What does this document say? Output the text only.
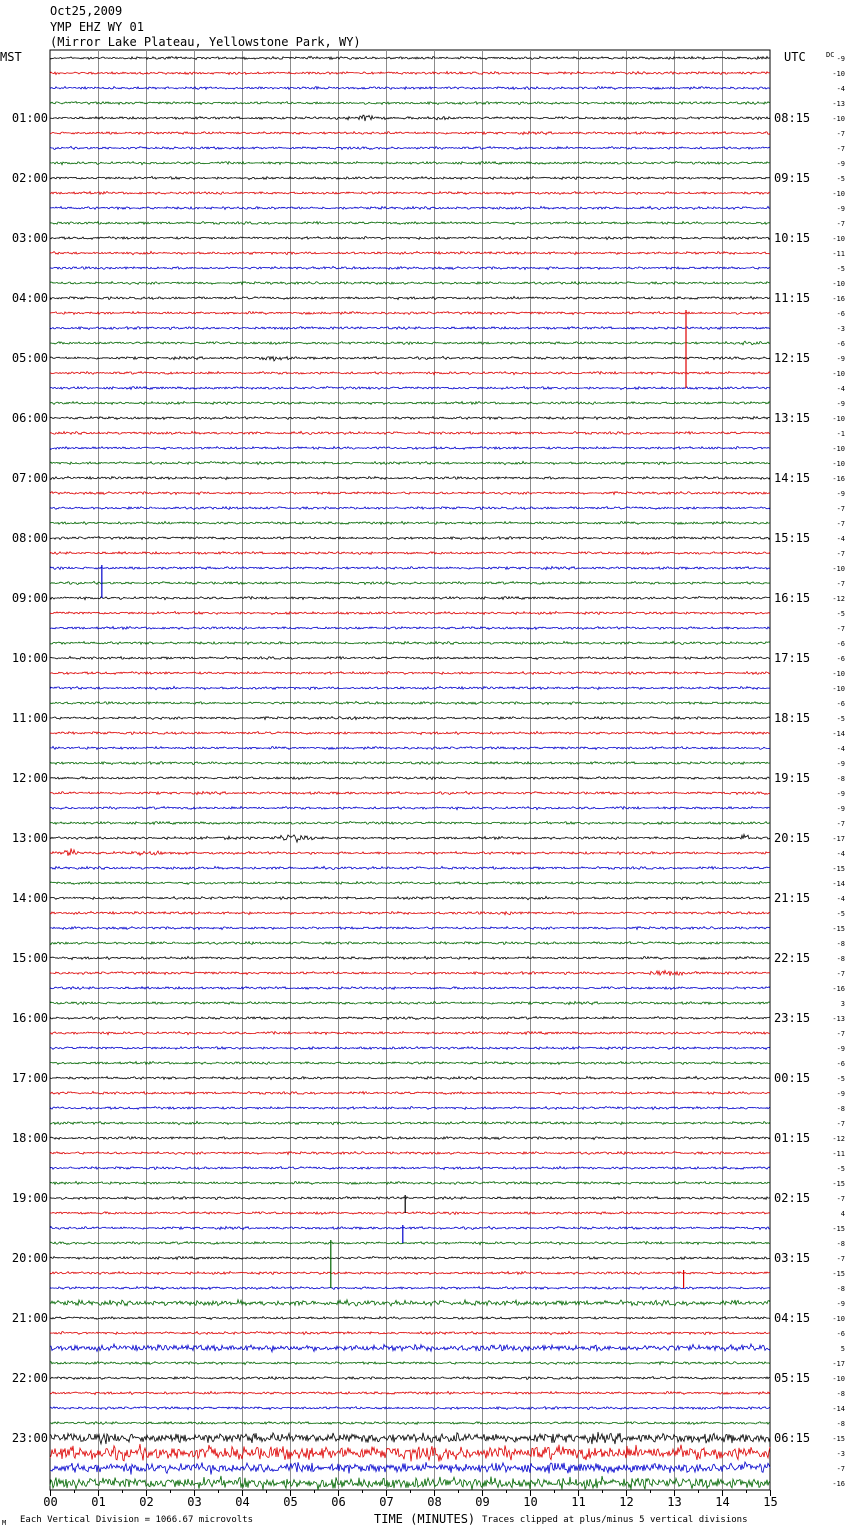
Oct25,2009
YMP EHZ WY 01
(Mirror Lake Plateau, Yellowstone Park, WY)
MST	UTC
00	01	02	03	04	05	06	07	08	09	10	11	12	13	14	15
-9
-10
-4
-13
-10
-7
-7
-9
-5
-10
-9
-7
-10
-11
-5
-10
-16
-6
-3
-6
-9
-10
-4
-9
-10
-1
-10
-10
-16
-9
-7
-7
-4
-7
-10
-7
-12
-5
-7
-6
-6
-10
-10
-6
-5
-14
-4
-9
-8
-9
-9
-7
-17
-4
-15
-14
-4
-5
-15
-8
-8
-7
-16
3
-13
-7
-9
-6
-5
-9
-8
-7
-12
-11
-5
-15
-7
4
-15
-8
-7
-15
-8
-9
-10
-6
5
-17
-10
-8
-14
-8
-15
-3
-7
-16
01:00
02:00
03:00
04:00
05:00
06:00
07:00
08:00
09:00
10:00
11:00
12:00
13:00
14:00
15:00
16:00
17:00
18:00
19:00
20:00
21:00
22:00
23:00
08:15
09:15
10:15
11:15
12:15
13:15
14:15
15:15
16:15
17:15
18:15
19:15
20:15
21:15
22:15
23:15
00:15
01:15
02:15
03:15
04:15
05:15
06:15
DC
M Each Vertical Division = 1066.67 microvolts	TIME (MINUTES) Traces clipped at plus/minus 5 vertical divisions
